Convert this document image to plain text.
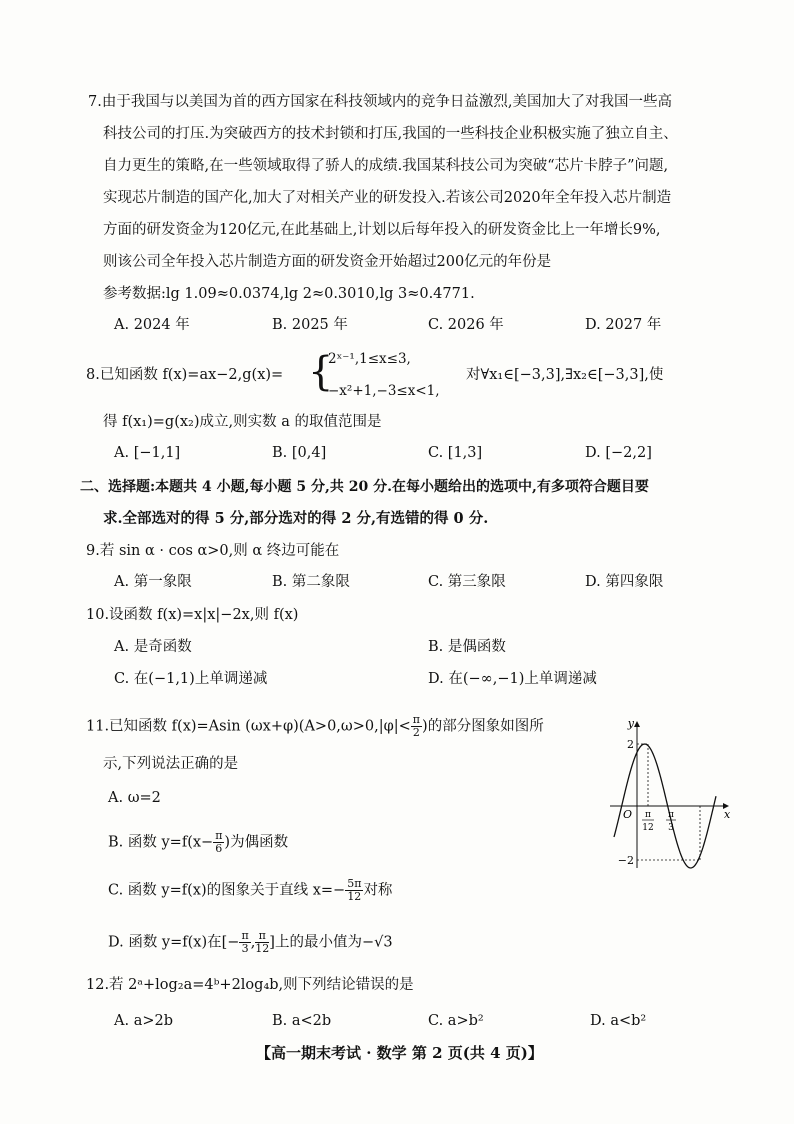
7.由于我国与以美国为首的西方国家在科技领域内的竞争日益激烈,美国加大了对我国一些高
科技公司的打压.为突破西方的技术封锁和打压,我国的一些科技企业积极实施了独立自主、
自力更生的策略,在一些领域取得了骄人的成绩.我国某科技公司为突破“芯片卡脖子”问题,
实现芯片制造的国产化,加大了对相关产业的研发投入.若该公司2020年全年投入芯片制造
方面的研发资金为120亿元,在此基础上,计划以后每年投入的研发资金比上一年增长9%,
则该公司全年投入芯片制造方面的研发资金开始超过200亿元的年份是
参考数据:lg 1.09≈0.0374,lg 2≈0.3010,lg 3≈0.4771.
A. 2024 年	B. 2025 年	C. 2026 年	D. 2027 年
8.已知函数 f(x)=ax−2,g(x)= {
2ˣ⁻¹,1≤x≤3,
−x²+1,−3≤x<1,
对∀x₁∈[−3,3],∃x₂∈[−3,3],使
得 f(x₁)=g(x₂)成立,则实数 a 的取值范围是
A. [−1,1]	B. [0,4]	C. [1,3]	D. [−2,2]
二、选择题:本题共 4 小题,每小题 5 分,共 20 分.在每小题给出的选项中,有多项符合题目要
求.全部选对的得 5 分,部分选对的得 2 分,有选错的得 0 分.
9.若 sin α · cos α>0,则 α 终边可能在
A. 第一象限	B. 第二象限	C. 第三象限	D. 第四象限
10.设函数 f(x)=x|x|−2x,则 f(x)
A. 是奇函数	B. 是偶函数
C. 在(−1,1)上单调递减	D. 在(−∞,−1)上单调递减
11.已知函数 f(x)=Asin $(\omega x+\varphi)(A>0,\omega>0,|\varphi|< \frac{\pi}{2}$ )的部分图象如图所
示,下列说法正确的是
A. ω=2
B. 函数 $y=f(x- \frac{\pi}{6}$ )为偶函数
C. 函数 y=f(x)的图象关于直线 $x=- \frac{5\pi}{12}$ 对称
D. 函数 y=f(x)在[− $\frac{\pi}{3}$ , $\frac{\pi}{12}$ ]上的最小值为−√3
y
x
O
2
−2
π
12
π
3
12.若 2ᵃ+log₂a=4ᵇ+2log₄b,则下列结论错误的是
A. a>2b	B. a<2b	C. a>b²	D. a<b²
【高一期末考试 · 数学 第 2 页(共 4 页)】
